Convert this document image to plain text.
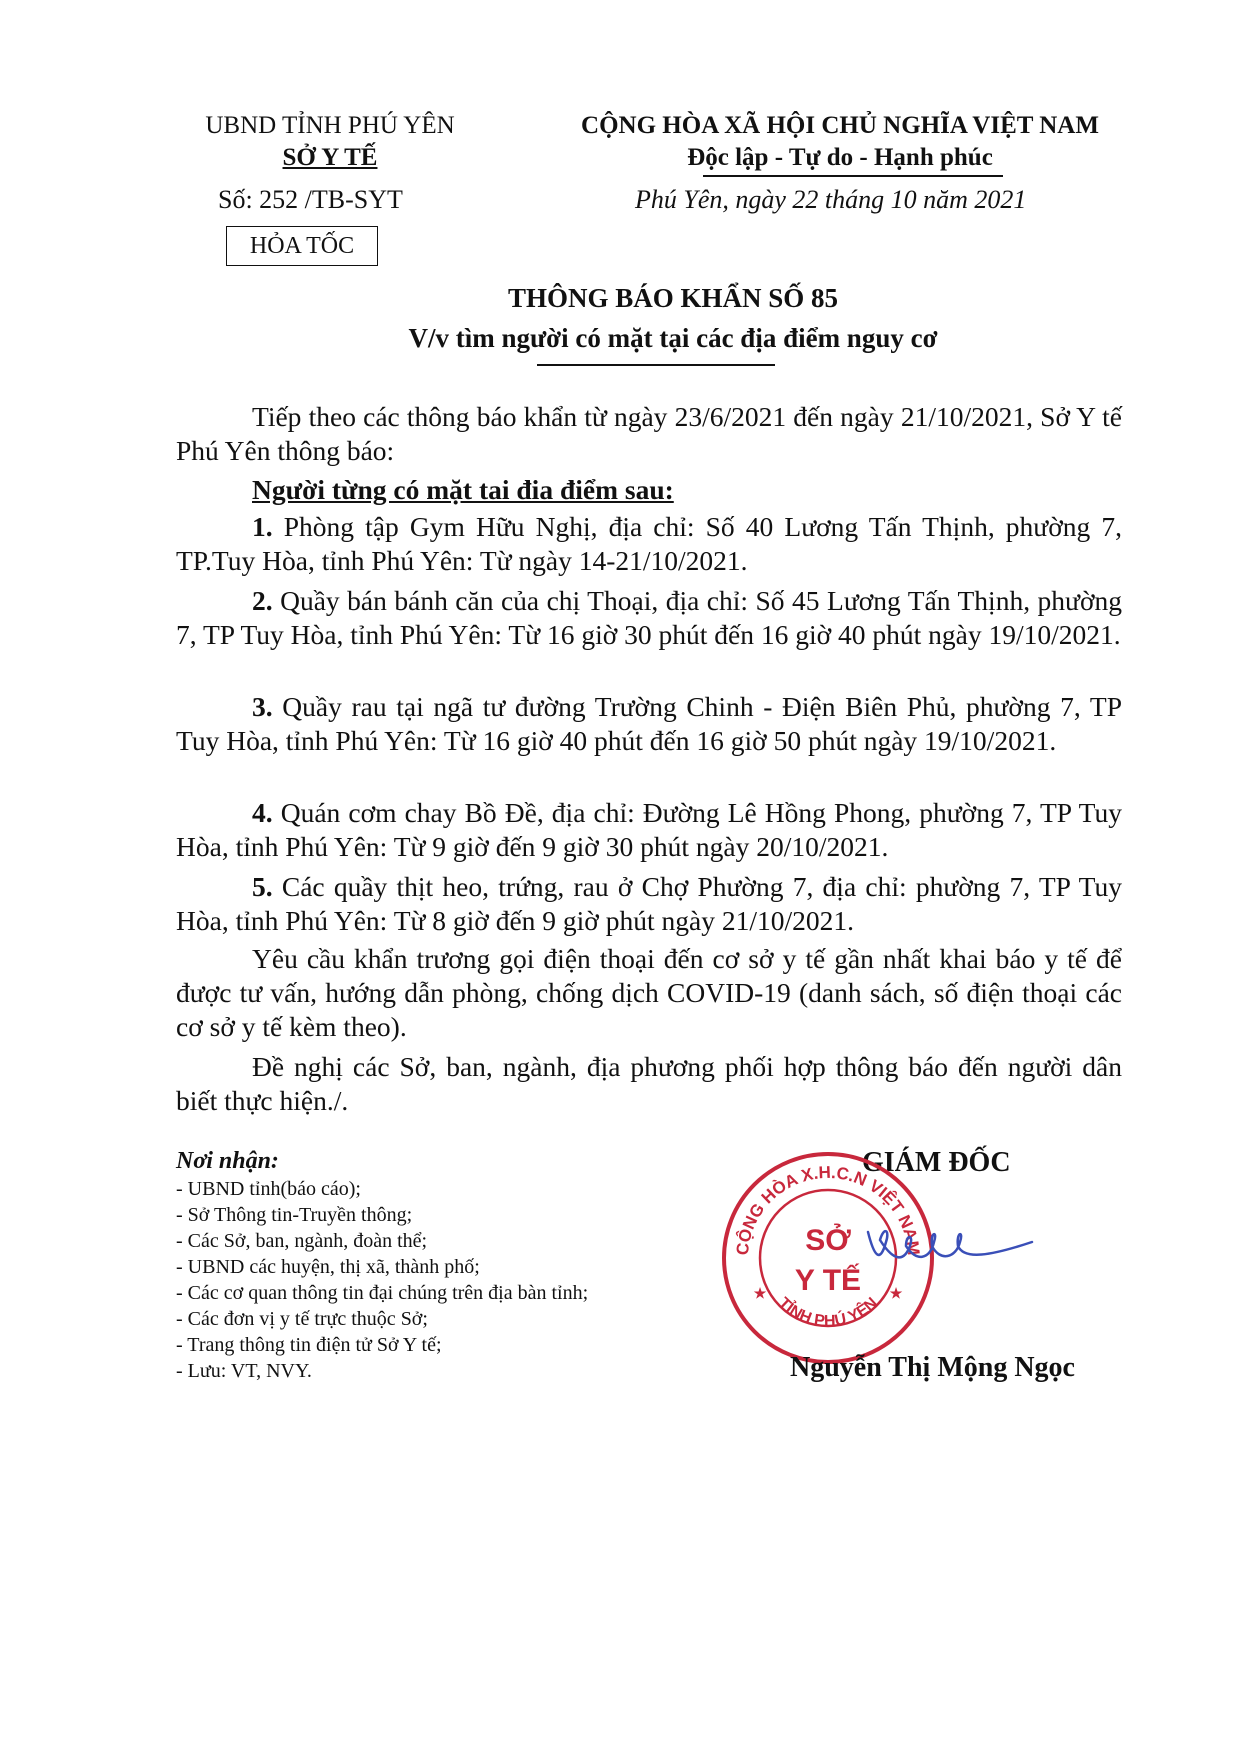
UBND TỈNH PHÚ YÊN
SỞ Y TẾ
Số: 252 /TB-SYT
HỎA TỐC
CỘNG HÒA XÃ HỘI CHỦ NGHĨA VIỆT NAM
Độc lập - Tự do - Hạnh phúc
Phú Yên, ngày 22 tháng 10 năm 2021
THÔNG BÁO KHẨN SỐ 85
V/v tìm người có mặt tại các địa điểm nguy cơ
Tiếp theo các thông báo khẩn từ ngày 23/6/2021 đến ngày 21/10/2021, Sở Y tế Phú Yên thông báo:
Người từng có mặt tai đia điểm sau:
1. Phòng tập Gym Hữu Nghị, địa chỉ: Số 40 Lương Tấn Thịnh, phường 7, TP.Tuy Hòa, tỉnh Phú Yên: Từ ngày 14-21/10/2021.
2. Quầy bán bánh căn của chị Thoại, địa chỉ: Số 45 Lương Tấn Thịnh, phường 7, TP Tuy Hòa, tỉnh Phú Yên: Từ 16 giờ 30 phút đến 16 giờ 40 phút ngày 19/10/2021.
3. Quầy rau tại ngã tư đường Trường Chinh - Điện Biên Phủ, phường 7, TP Tuy Hòa, tỉnh Phú Yên: Từ 16 giờ 40 phút đến 16 giờ 50 phút ngày 19/10/2021.
4. Quán cơm chay Bồ Đề, địa chỉ: Đường Lê Hồng Phong, phường 7, TP Tuy Hòa, tỉnh Phú Yên: Từ 9 giờ đến 9 giờ 30 phút ngày 20/10/2021.
5. Các quầy thịt heo, trứng, rau ở Chợ Phường 7, địa chỉ: phường 7, TP Tuy Hòa, tỉnh Phú Yên: Từ 8 giờ đến 9 giờ phút ngày 21/10/2021.
Yêu cầu khẩn trương gọi điện thoại đến cơ sở y tế gần nhất khai báo y tế để được tư vấn, hướng dẫn phòng, chống dịch COVID-19 (danh sách, số điện thoại các cơ sở y tế kèm theo).
Đề nghị các Sở, ban, ngành, địa phương phối hợp thông báo đến người dân biết thực hiện./.
Nơi nhận:
- UBND tỉnh(báo cáo);
- Sở Thông tin-Truyền thông;
- Các Sở, ban, ngành, đoàn thể;
- UBND các huyện, thị xã, thành phố;
- Các cơ quan thông tin đại chúng trên địa bàn tỉnh;
- Các đơn vị y tế trực thuộc Sở;
- Trang thông tin điện tử Sở Y tế;
- Lưu: VT, NVY.
GIÁM ĐỐC
CỘNG HÒA X.H.C.N VIỆT NAM
TỈNH PHÚ YÊN
SỞ
Y TẾ
★	★
Nguyễn Thị Mộng Ngọc
